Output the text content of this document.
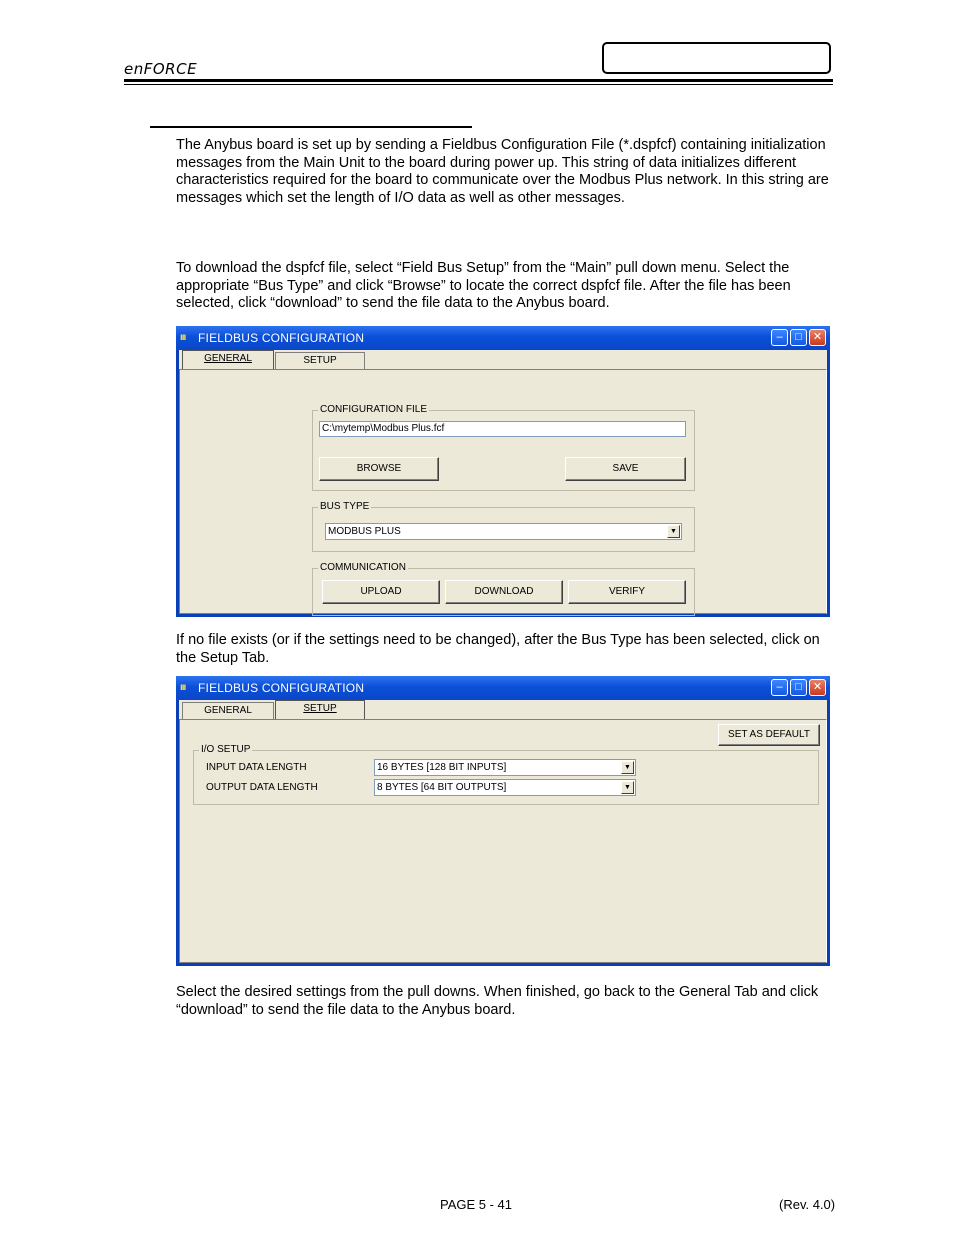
enFORCE
The Anybus board is set up by sending a Fieldbus Configuration File (*.dspfcf) containing initialization messages from the Main Unit to the board during power up. This string of data initializes different characteristics required for the board to communicate over the Modbus Plus network. In this string are messages which set the length of I/O data as well as other messages.
To download the dspfcf file, select “Field Bus Setup” from the “Main” pull down menu. Select the appropriate “Bus Type” and click “Browse” to locate the correct dspfcf file. After the file has been selected, click “download” to send the file data to the Anybus board.
ııı FIELDBUS CONFIGURATION	–	□	✕
GENERAL	SETUP
CONFIGURATION FILE
C:\mytemp\Modbus Plus.fcf
BROWSE	SAVE
BUS TYPE
MODBUS PLUS	▼
COMMUNICATION
UPLOAD	DOWNLOAD	VERIFY
If no file exists (or if the settings need to be changed), after the Bus Type has been selected, click on the Setup Tab.
ııı FIELDBUS CONFIGURATION	–	□	✕
GENERAL	SETUP
SET AS DEFAULT
I/O SETUP
INPUT DATA LENGTH	16 BYTES [128 BIT INPUTS]	▼
OUTPUT DATA LENGTH	8 BYTES [64 BIT OUTPUTS]	▼
Select the desired settings from the pull downs. When finished, go back to the General Tab and click “download” to send the file data to the Anybus board.
PAGE 5 - 41	(Rev. 4.0)
